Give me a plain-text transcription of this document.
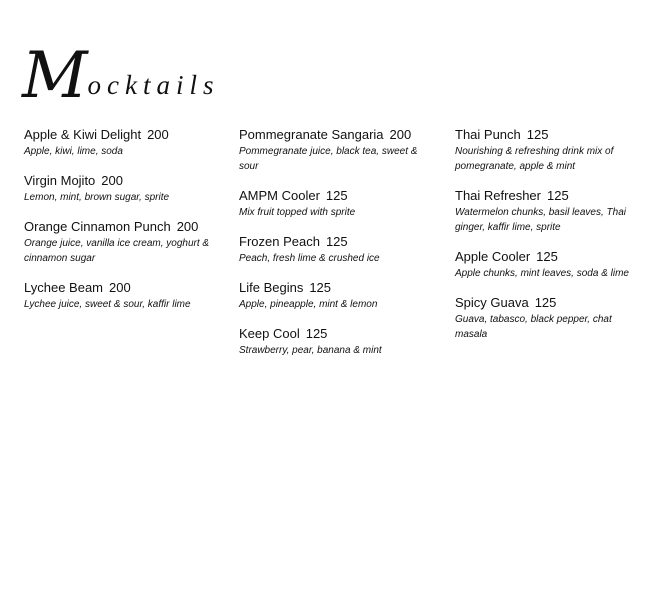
M ocktails
Apple & Kiwi Delight 200
Apple, kiwi, lime, soda
Virgin Mojito 200
Lemon, mint, brown sugar, sprite
Orange Cinnamon Punch 200
Orange juice, vanilla ice cream, yoghurt & cinnamon sugar
Lychee Beam 200
Lychee juice, sweet & sour, kaffir lime
Pommegranate Sangaria 200
Pommegranate juice, black tea, sweet & sour
AMPM Cooler 125
Mix fruit topped with sprite
Frozen Peach 125
Peach, fresh lime & crushed ice
Life Begins 125
Apple, pineapple, mint & lemon
Keep Cool 125
Strawberry, pear, banana & mint
Thai Punch 125
Nourishing & refreshing drink mix of pomegranate, apple & mint
Thai Refresher 125
Watermelon chunks, basil leaves, Thai ginger, kaffir lime, sprite
Apple Cooler 125
Apple chunks, mint leaves, soda & lime
Spicy Guava 125
Guava, tabasco, black pepper, chat masala
